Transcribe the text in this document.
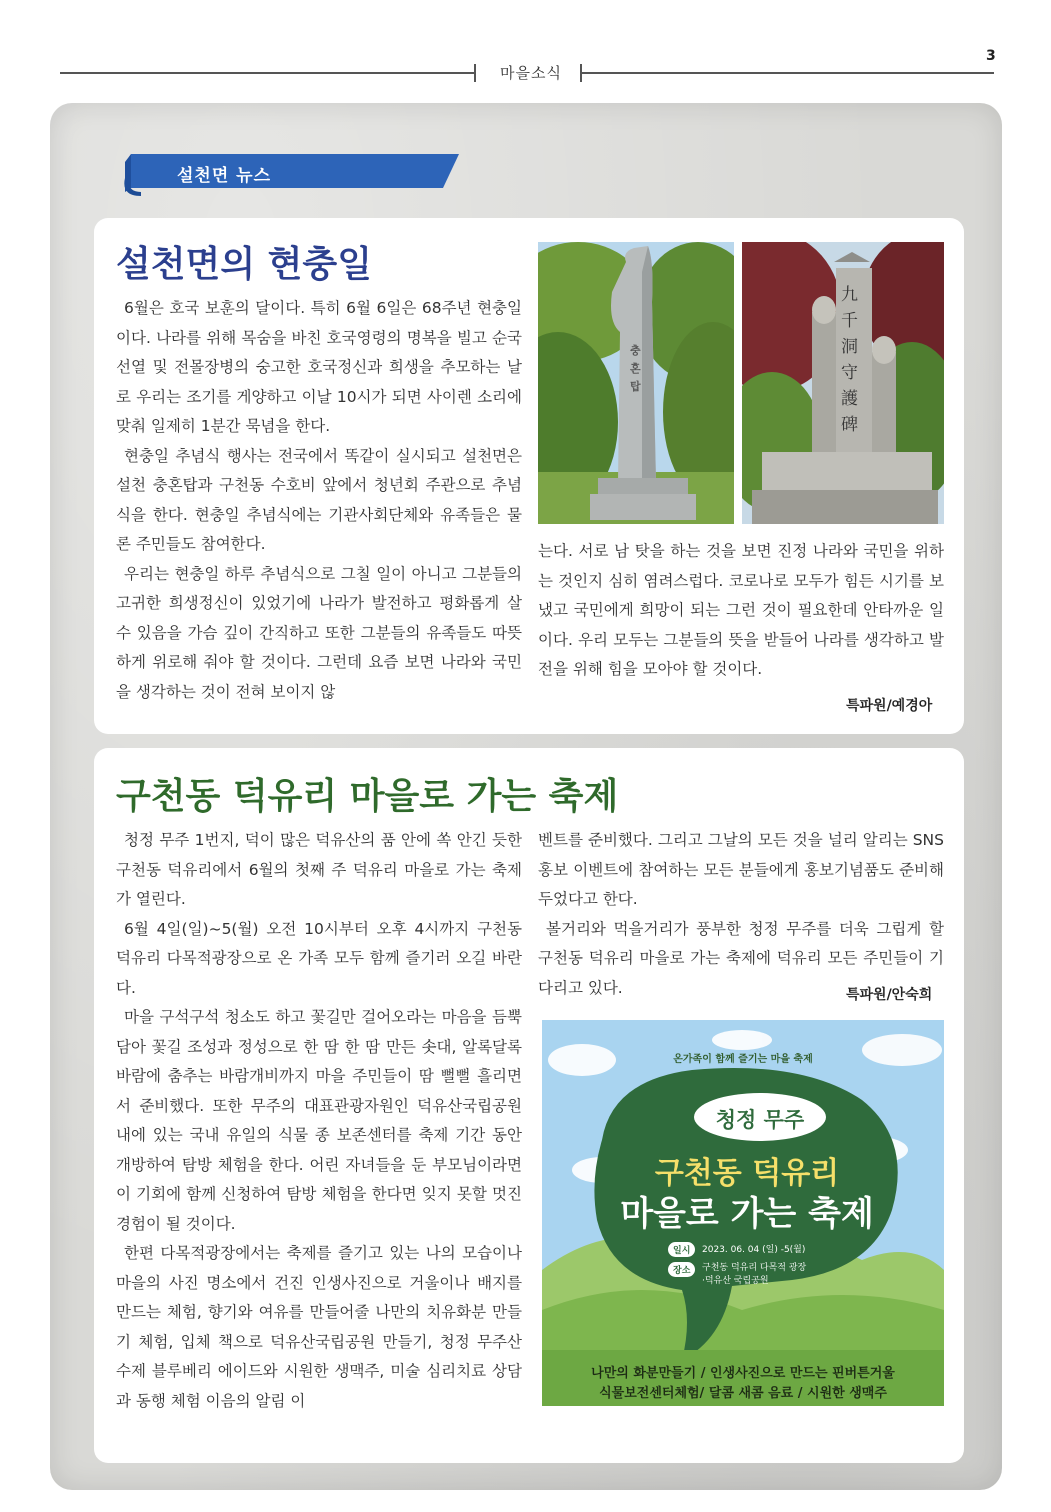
3
마을소식
설천면 뉴스
설천면의 현충일

6월은 호국 보훈의 달이다. 특히 6월 6일은 68주년 현충일이다. 나라를 위해 목숨을 바친 호국영령의 명복을 빌고 순국선열 및 전몰장병의 숭고한 호국정신과 희생을 추모하는 날로 우리는 조기를 게양하고 이날 10시가 되면 사이렌 소리에 맞춰 일제히 1분간 묵념을 한다.

현충일 추념식 행사는 전국에서 똑같이 실시되고 설천면은 설천 충혼탑과 구천동 수호비 앞에서 청년회 주관으로 추념식을 한다. 현충일 추념식에는 기관사회단체와 유족들은 물론 주민들도 참여한다.

우리는 현충일 하루 추념식으로 그칠 일이 아니고 그분들의 고귀한 희생정신이 있었기에 나라가 발전하고 평화롭게 살 수 있음을 가슴 깊이 간직하고 또한 그분들의 유족들도 따뜻하게 위로해 줘야 할 것이다. 그런데 요즘 보면 나라와 국민을 생각하는 것이 전혀 보이지 않

충혼탑
九千洞守護碑

는다. 서로 남 탓을 하는 것을 보면 진정 나라와 국민을 위하는 것인지 심히 염려스럽다. 코로나로 모두가 힘든 시기를 보냈고 국민에게 희망이 되는 그런 것이 필요한데 안타까운 일이다. 우리 모두는 그분들의 뜻을 받들어 나라를 생각하고 발전을 위해 힘을 모아야 할 것이다.

특파원/예경아
구천동 덕유리 마을로 가는 축제

청정 무주 1번지, 덕이 많은 덕유산의 품 안에 쏙 안긴 듯한 구천동 덕유리에서 6월의 첫째 주 덕유리 마을로 가는 축제가 열린다.

6월 4일(일)~5(월) 오전 10시부터 오후 4시까지 구천동 덕유리 다목적광장으로 온 가족 모두 함께 즐기러 오길 바란다.

마을 구석구석 청소도 하고 꽃길만 걸어오라는 마음을 듬뿍 담아 꽃길 조성과 정성으로 한 땀 한 땀 만든 솟대, 알록달록 바람에 춤추는 바람개비까지 마을 주민들이 땀 뻘뻘 흘리면서 준비했다. 또한 무주의 대표관광자원인 덕유산국립공원 내에 있는 국내 유일의 식물 종 보존센터를 축제 기간 동안 개방하여 탐방 체험을 한다. 어린 자녀들을 둔 부모님이라면 이 기회에 함께 신청하여 탐방 체험을 한다면 잊지 못할 멋진 경험이 될 것이다.

한편 다목적광장에서는 축제를 즐기고 있는 나의 모습이나 마을의 사진 명소에서 건진 인생사진으로 거울이나 배지를 만드는 체험, 향기와 여유를 만들어줄 나만의 치유화분 만들기 체험, 입체 책으로 덕유산국립공원 만들기, 청정 무주산 수제 블루베리 에이드와 시원한 생맥주, 미술 심리치료 상담과 동행 체험 이음의 알림 이

벤트를 준비했다. 그리고 그날의 모든 것을 널리 알리는 SNS 홍보 이벤트에 참여하는 모든 분들에게 홍보기념품도 준비해 두었다고 한다.

볼거리와 먹을거리가 풍부한 청정 무주를 더욱 그립게 할 구천동 덕유리 마을로 가는 축제에 덕유리 모든 주민들이 기다리고 있다.	특파원/안숙희
온가족이 함께 즐기는 마을 축제
청정 무주
구천동 덕유리
마을로 가는 축제
일시	2023. 06. 04 (일) -5(월)
장소	구천동 덕유리 다목적 광장
·덕유산 국립공원
나만의 화분만들기 / 인생사진으로 만드는 핀버튼거울
식물보전센터체험/ 달콤 새콤 음료 / 시원한 생맥주
